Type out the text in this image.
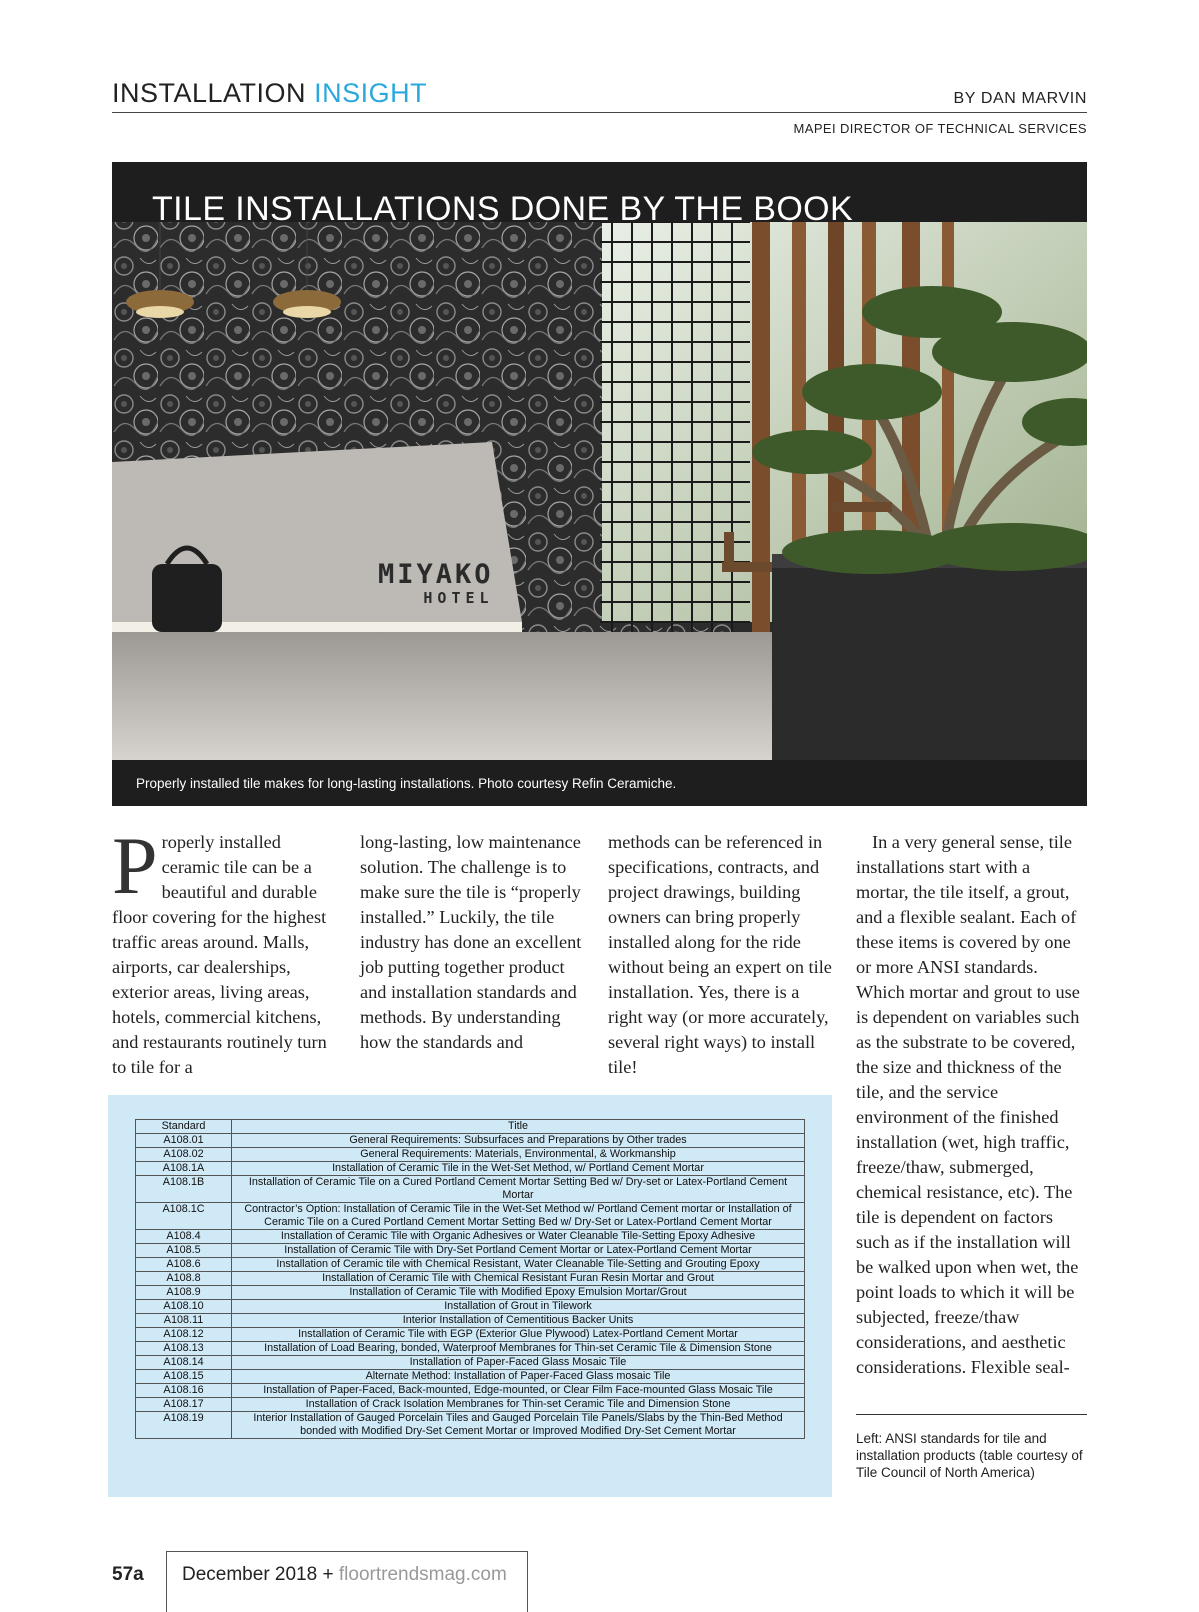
INSTALLATION INSIGHT	BY DAN MARVIN
MAPEI DIRECTOR OF TECHNICAL SERVICES
TILE INSTALLATIONS DONE BY THE BOOK
MIYAKO
HOTEL
Properly installed tile makes for long-lasting installations. Photo courtesy Refin Ceramiche.
Properly installed ceramic tile can be a beautiful and durable floor covering for the highest traffic areas around. Malls, airports, car dealerships, exterior areas, living areas, hotels, commercial kitchens, and restaurants routinely turn to tile for a

long-lasting, low maintenance solution. The challenge is to make sure the tile is “properly installed.” Luckily, the tile industry has done an excellent job putting together product and installation standards and methods. By understanding how the standards and

methods can be referenced in specifications, contracts, and project drawings, building owners can bring properly installed along for the ride without being an expert on tile installation. Yes, there is a right way (or more accurately, several right ways) to install tile!

In a very general sense, tile installations start with a mortar, the tile itself, a grout, and a flexible sealant. Each of these items is covered by one or more ANSI standards. Which mortar and grout to use is dependent on variables such as the substrate to be covered, the size and thickness of the tile, and the service environment of the finished installation (wet, high traffic, freeze/thaw, submerged, chemical resistance, etc). The tile is dependent on factors such as if the installation will be walked upon when wet, the point loads to which it will be subjected, freeze/thaw considerations, and aesthetic considerations. Flexible seal-

Standard	Title
A108.01	General Requirements: Subsurfaces and Preparations by Other trades
A108.02	General Requirements: Materials, Environmental, & Workmanship
A108.1A	Installation of Ceramic Tile in the Wet-Set Method, w/ Portland Cement Mortar
A108.1B	Installation of Ceramic Tile on a Cured Portland Cement Mortar Setting Bed w/ Dry-set or Latex-Portland Cement Mortar
A108.1C	Contractor’s Option: Installation of Ceramic Tile in the Wet-Set Method w/ Portland Cement mortar or Installation of Ceramic Tile on a Cured Portland Cement Mortar Setting Bed w/ Dry-Set or Latex-Portland Cement Mortar
A108.4	Installation of Ceramic Tile with Organic Adhesives or Water Cleanable Tile-Setting Epoxy Adhesive
A108.5	Installation of Ceramic Tile with Dry-Set Portland Cement Mortar or Latex-Portland Cement Mortar
A108.6	Installation of Ceramic tile with Chemical Resistant, Water Cleanable Tile-Setting and Grouting Epoxy
A108.8	Installation of Ceramic Tile with Chemical Resistant Furan Resin Mortar and Grout
A108.9	Installation of Ceramic Tile with Modified Epoxy Emulsion Mortar/Grout
A108.10	Installation of Grout in Tilework
A108.11	Interior Installation of Cementitious Backer Units
A108.12	Installation of Ceramic Tile with EGP (Exterior Glue Plywood) Latex-Portland Cement Mortar
A108.13	Installation of Load Bearing, bonded, Waterproof Membranes for Thin-set Ceramic Tile & Dimension Stone
A108.14	Installation of Paper-Faced Glass Mosaic Tile
A108.15	Alternate Method: Installation of Paper-Faced Glass mosaic Tile
A108.16	Installation of Paper-Faced, Back-mounted, Edge-mounted, or Clear Film Face-mounted Glass Mosaic Tile
A108.17	Installation of Crack Isolation Membranes for Thin-set Ceramic Tile and Dimension Stone
A108.19	Interior Installation of Gauged Porcelain Tiles and Gauged Porcelain Tile Panels/Slabs by the Thin-Bed Method bonded with Modified Dry-Set Cement Mortar or Improved Modified Dry-Set Cement Mortar	Left: ANSI standards for tile and installation products (table courtesy of Tile Council of North America)
57a December 2018 + floortrendsmag.com
